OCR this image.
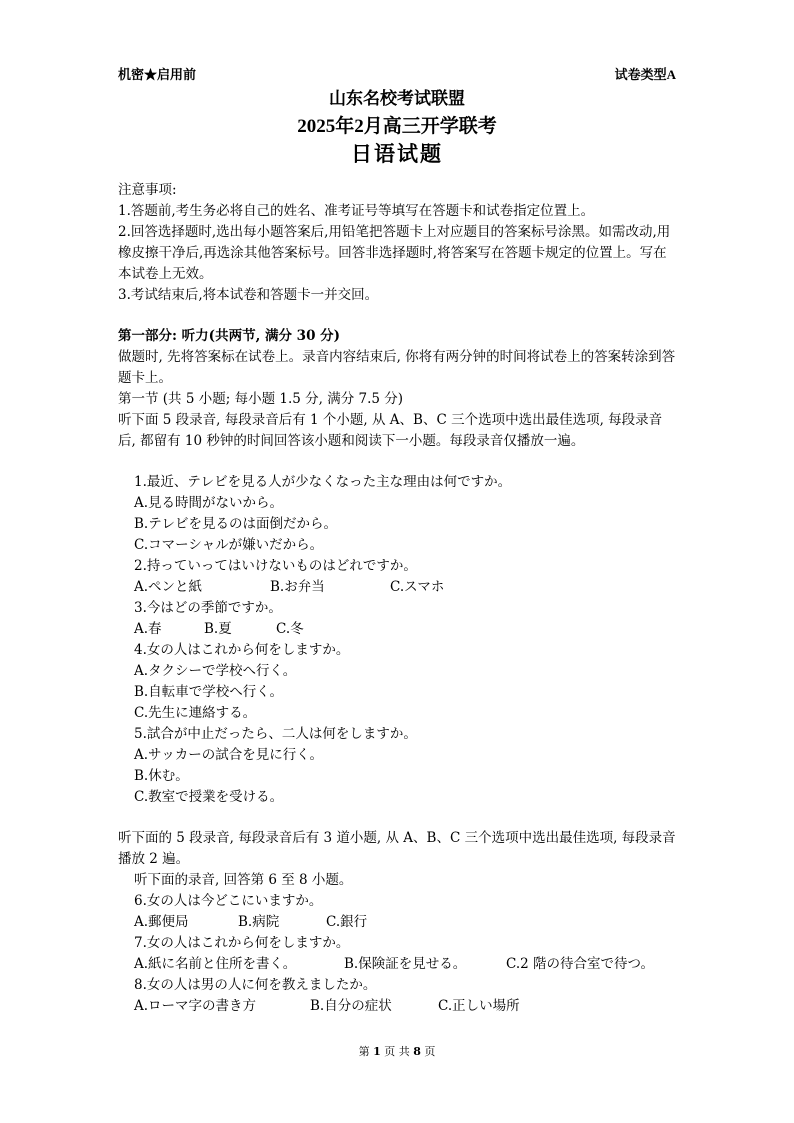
机密★启用前	试卷类型A
山东名校考试联盟
2025年2月高三开学联考
日语试题

注意事项:

1.答题前,考生务必将自己的姓名、准考证号等填写在答题卡和试卷指定位置上。

2.回答选择题时,选出每小题答案后,用铅笔把答题卡上对应题目的答案标号涂黑。如需改动,用橡皮擦干净后,再选涂其他答案标号。回答非选择题时,将答案写在答题卡规定的位置上。写在本试卷上无效。

3.考试结束后,将本试卷和答题卡一并交回。

第一部分: 听力(共两节, 满分 30 分)

做题时, 先将答案标在试卷上。录音内容结束后, 你将有两分钟的时间将试卷上的答案转涂到答题卡上。

第一节 (共 5 小题; 每小题 1.5 分, 满分 7.5 分)

听下面 5 段录音, 每段录音后有 1 个小题, 从 A、B、C 三个选项中选出最佳选项, 每段录音后, 都留有 10 秒钟的时间回答该小题和阅读下一小题。每段录音仅播放一遍。

1.最近、テレビを見る人が少なくなった主な理由は何ですか。

A.見る時間がないから。

B.テレビを見るのは面倒だから。

C.コマーシャルが嫌いだから。

2.持っていってはいけないものはどれですか。

A.ペンと紙	B.お弁当	C.スマホ

3.今はどの季節ですか。

A.春	B.夏	C.冬

4.女の人はこれから何をしますか。

A.タクシーで学校へ行く。

B.自転車で学校へ行く。

C.先生に連絡する。

5.試合が中止だったら、二人は何をしますか。

A.サッカーの試合を見に行く。

B.休む。

C.教室で授業を受ける。

听下面的 5 段录音, 每段录音后有 3 道小题, 从 A、B、C 三个选项中选出最佳选项, 每段录音播放 2 遍。

听下面的录音, 回答第 6 至 8 小题。

6.女の人は今どこにいますか。

A.郵便局	B.病院	C.銀行

7.女の人はこれから何をしますか。

A.紙に名前と住所を書く。	B.保険証を見せる。	C.2 階の待合室で待つ。

8.女の人は男の人に何を教えましたか。

A.ローマ字の書き方	B.自分の症状	C.正しい場所

第 1 页 共 8 页
